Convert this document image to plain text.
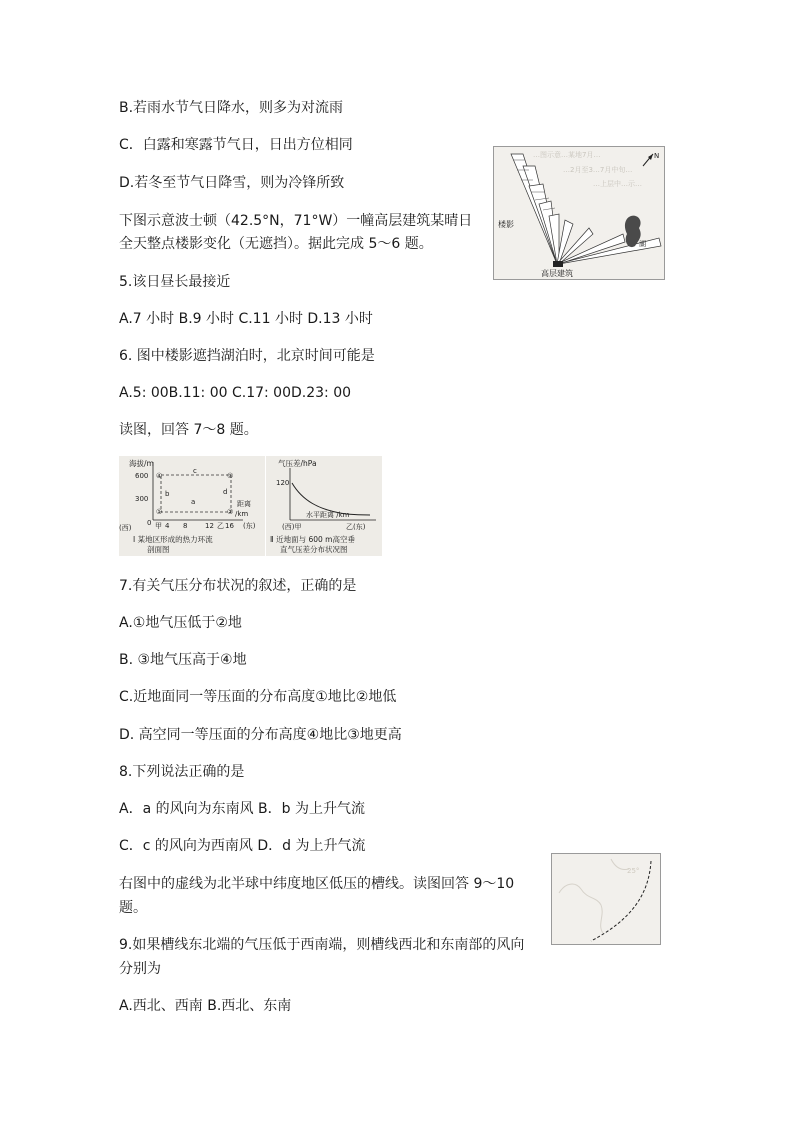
B.若雨水节气日降水，则多为对流雨
C．白露和寒露节气日，日出方位相同
D.若冬至节气日降雪，则为冷锋所致
下图示意波士顿（42.5°N，71°W）一幢高层建筑某晴日
全天整点楼影变化（无遮挡）。据此完成 5～6 题。
5.该日昼长最接近
A.7 小时 B.9 小时 C.11 小时 D.13 小时
6. 图中楼影遮挡湖泊时，北京时间可能是
A.5: 00B.11: 00 C.17: 00D.23: 00
读图，回答 7～8 题。
7.有关气压分布状况的叙述，正确的是
A.①地气压低于②地
B. ③地气压高于④地
C.近地面同一等压面的分布高度①地比②地低
D. 高空同一等压面的分布高度④地比③地更高
8.下列说法正确的是
A．a 的风向为东南风 B．b 为上升气流
C．c 的风向为西南风 D．d 为上升气流
右图中的虚线为北半球中纬度地区低压的槽线。读图回答 9～10
题。
9.如果槽线东北端的气压低于西南端，则槽线西北和东南部的风向
分别为
A.西北、西南 B.西北、东南
…图示意…某地7月…
…2月至3…7月中旬…
…上层中…示…
N
湖
楼影
高层建筑
海拔/m
600
300
0
④	③
①	②
c
b
a
d
距离
/km
(西)	甲 4 8	12 乙 16 (东)
Ⅰ 某地区形成的热力环流
剖面图
气压差/hPa
120
水平距离 /km
(西)甲	乙(东)
Ⅱ 近地面与 600 m高空垂
直气压差分布状况图
25°
